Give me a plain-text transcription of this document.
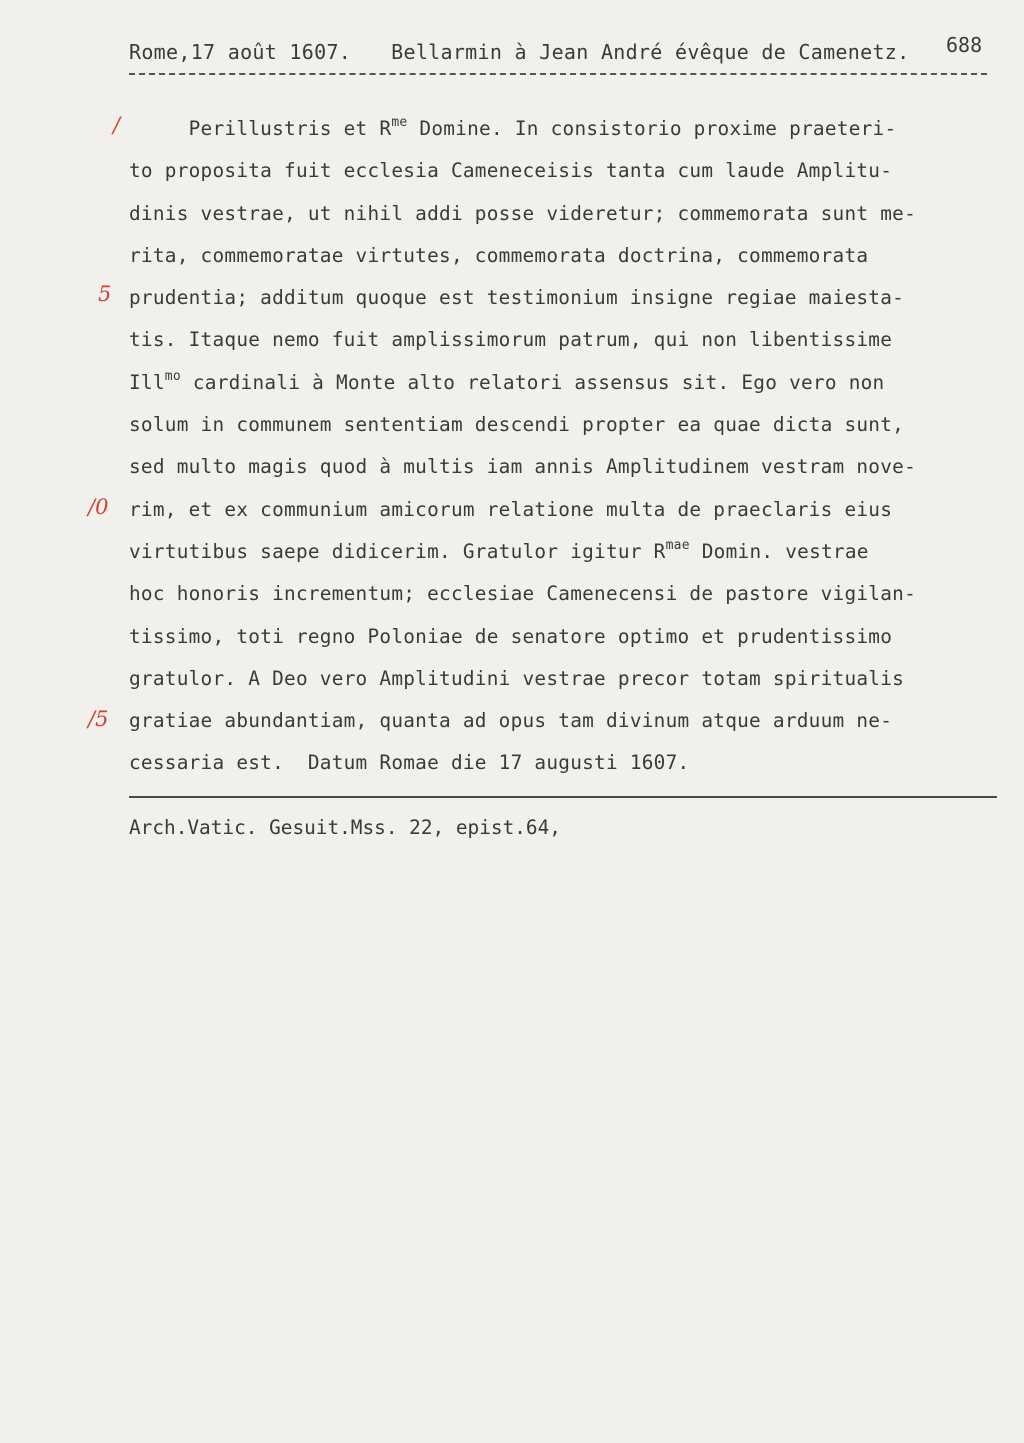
Rome,17 août 1607. Bellarmin à Jean André évêque de Camenetz. 688
/
5
/0
/5
Perillustris et $R^{me}$ Domine. In consistorio proxime praeteri-
to proposita fuit ecclesia Cameneceisis tanta cum laude Amplitu-
dinis vestrae, ut nihil addi posse videretur; commemorata sunt me-
rita, commemoratae virtutes, commemorata doctrina, commemorata
prudentia; additum quoque est testimonium insigne regiae maiesta-
tis. Itaque nemo fuit amplissimorum patrum, qui non libentissime
Ill$^{mo}$ cardinali à Monte alto relatori assensus sit. Ego vero non
solum in communem sententiam descendi propter ea quae dicta sunt,
sed multo magis quod à multis iam annis Amplitudinem vestram nove-
rim, et ex communium amicorum relatione multa de praeclaris eius
virtutibus saepe didicerim. Gratulor igitur $R^{mae}$ Domin. vestrae
hoc honoris incrementum; ecclesiae Camenecensi de pastore vigilan-
tissimo, toti regno Poloniae de senatore optimo et prudentissimo
gratulor. A Deo vero Amplitudini vestrae precor totam spiritualis
gratiae abundantiam, quanta ad opus tam divinum atque arduum ne-
cessaria est.  Datum Romae die 17 augusti 1607.
Arch.Vatic. Gesuit.Mss. 22, epist.64,
